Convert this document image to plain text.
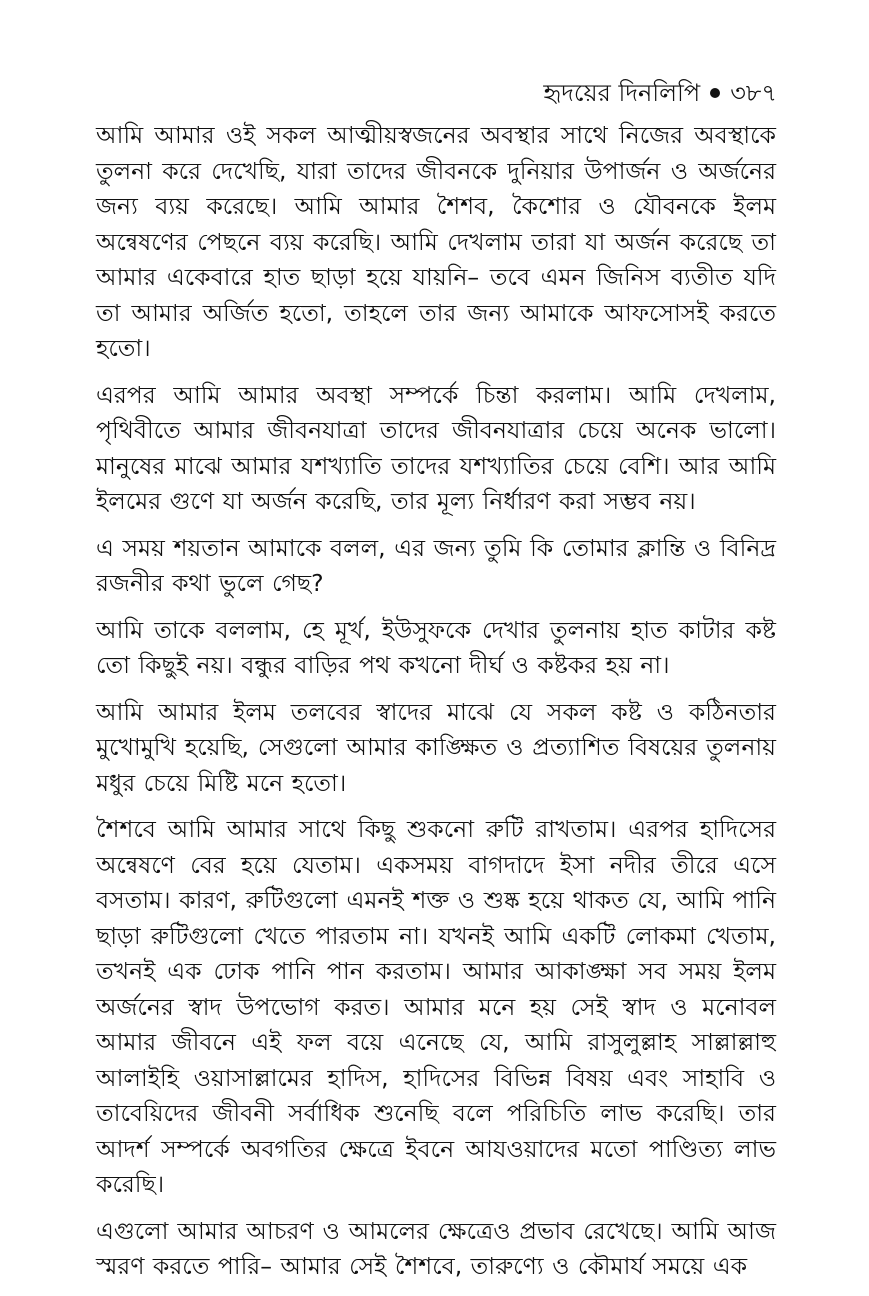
হৃদয়ের দিনলিপি ৩৮৭

আমি আমার ওই সকল আত্মীয়স্বজনের অবস্থার সাথে নিজের অবস্থাকে তুলনা করে দেখেছি, যারা তাদের জীবনকে দুনিয়ার উপার্জন ও অর্জনের জন্য ব্যয় করেছে। আমি আমার শৈশব, কৈশোর ও যৌবনকে ইলম অন্বেষণের পেছনে ব্যয় করেছি। আমি দেখলাম তারা যা অর্জন করেছে তা আমার একেবারে হাত ছাড়া হয়ে যায়নি– তবে এমন জিনিস ব্যতীত যদি তা আমার অর্জিত হতো, তাহলে তার জন্য আমাকে আফসোসই করতে হতো।

এরপর আমি আমার অবস্থা সম্পর্কে চিন্তা করলাম। আমি দেখলাম, পৃথিবীতে আমার জীবনযাত্রা তাদের জীবনযাত্রার চেয়ে অনেক ভালো। মানুষের মাঝে আমার যশখ্যাতি তাদের যশখ্যাতির চেয়ে বেশি। আর আমি ইলমের গুণে যা অর্জন করেছি, তার মূল্য নির্ধারণ করা সম্ভব নয়।

এ সময় শয়তান আমাকে বলল, এর জন্য তুমি কি তোমার ক্লান্তি ও বিনিদ্র রজনীর কথা ভুলে গেছ?

আমি তাকে বললাম, হে মূর্খ, ইউসুফকে দেখার তুলনায় হাত কাটার কষ্ট তো কিছুই নয়। বন্ধুর বাড়ির পথ কখনো দীর্ঘ ও কষ্টকর হয় না।

আমি আমার ইলম তলবের স্বাদের মাঝে যে সকল কষ্ট ও কঠিনতার মুখোমুখি হয়েছি, সেগুলো আমার কাঙ্ক্ষিত ও প্রত্যাশিত বিষয়ের তুলনায় মধুর চেয়ে মিষ্টি মনে হতো।

শৈশবে আমি আমার সাথে কিছু শুকনো রুটি রাখতাম। এরপর হাদিসের অন্বেষণে বের হয়ে যেতাম। একসময় বাগদাদে ইসা নদীর তীরে এসে বসতাম। কারণ, রুটিগুলো এমনই শক্ত ও শুষ্ক হয়ে থাকত যে, আমি পানি ছাড়া রুটিগুলো খেতে পারতাম না। যখনই আমি একটি লোকমা খেতাম, তখনই এক ঢোক পানি পান করতাম। আমার আকাঙ্ক্ষা সব সময় ইলম অর্জনের স্বাদ উপভোগ করত। আমার মনে হয় সেই স্বাদ ও মনোবল আমার জীবনে এই ফল বয়ে এনেছে যে, আমি রাসুলুল্লাহ সাল্লাল্লাহু আলাইহি ওয়াসাল্লামের হাদিস, হাদিসের বিভিন্ন বিষয় এবং সাহাবি ও তাবেয়িদের জীবনী সর্বাধিক শুনেছি বলে পরিচিতি লাভ করেছি। তার আদর্শ সম্পর্কে অবগতির ক্ষেত্রে ইবনে আযওয়াদের মতো পাণ্ডিত্য লাভ করেছি।

এগুলো আমার আচরণ ও আমলের ক্ষেত্রেও প্রভাব রেখেছে। আমি আজ স্মরণ করতে পারি– আমার সেই শৈশবে, তারুণ্যে ও কৌমার্য সময়ে এক
